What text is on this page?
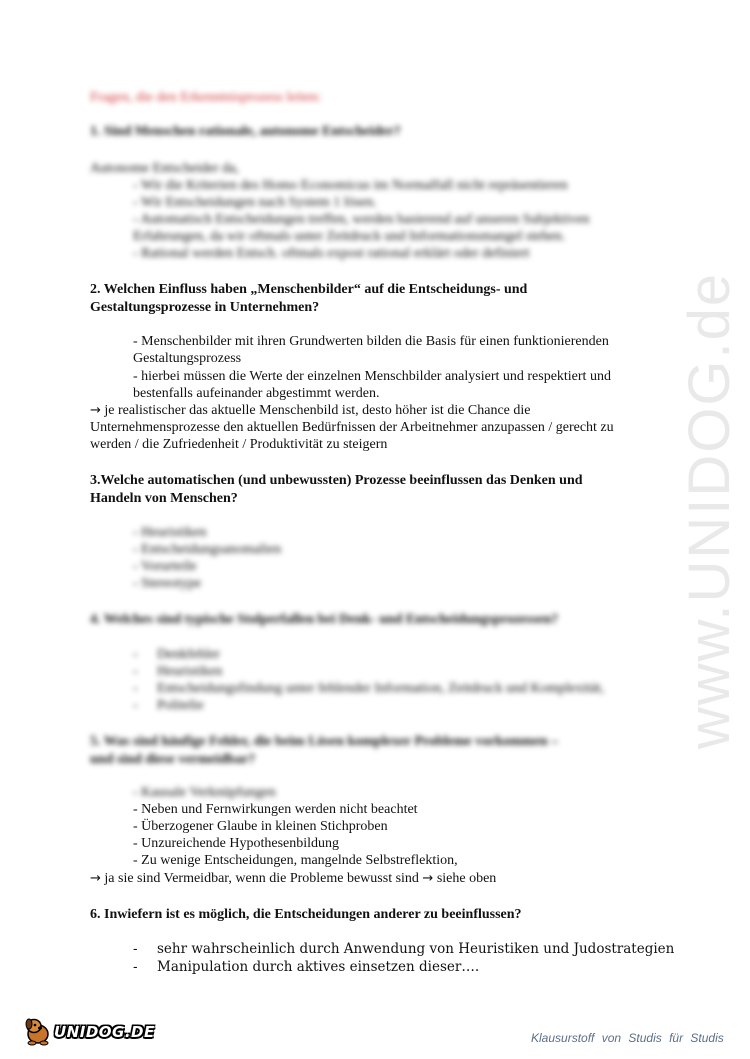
www.UNIDOG.de
Fragen, die den Erkenntnisprozess leiten:
1. Sind Menschen rationale, autonome Entscheider?
Autonome Entscheider da,
- Wir die Kriterien des Homo Economicus im Normalfall nicht repräsentieren
- Wir Entscheidungen nach System 1 lösen.
- Automatisch Entscheidungen treffen, werden basierend auf unseren Subjektiven
Erfahrungen, da wir oftmals unter Zeitdruck und Informationsmangel stehen.
- Rational werden Entsch. oftmals expost rational erklärt oder definiert
2. Welchen Einfluss haben „Menschenbilder“ auf die Entscheidungs- und
Gestaltungsprozesse in Unternehmen?
- Menschenbilder mit ihren Grundwerten bilden die Basis für einen funktionierenden
Gestaltungsprozess
- hierbei müssen die Werte der einzelnen Menschbilder analysiert und respektiert und
bestenfalls aufeinander abgestimmt werden.
→ je realistischer das aktuelle Menschenbild ist, desto höher ist die Chance die
Unternehmensprozesse den aktuellen Bedürfnissen der Arbeitnehmer anzupassen / gerecht zu
werden / die Zufriedenheit / Produktivität zu steigern
3.Welche automatischen (und unbewussten) Prozesse beeinflussen das Denken und
Handeln von Menschen?
- Heuristiken
- Entscheidungsanomalien
- Vorurteile
- Stereotype
4. Welches sind typische Stolperfallen bei Denk- und Entscheidungsprozessen?
- Denkfehler
- Heuristiken
- Entscheidungsfindung unter fehlender Information, Zeitdruck und Komplexität,
- Politelie
5. Was sind häufige Fehler, die beim Lösen komplexer Probleme vorkommen –
und sind diese vermeidbar?
- Kausale Verknüpfungen
- Neben und Fernwirkungen werden nicht beachtet
- Überzogener Glaube in kleinen Stichproben
- Unzureichende Hypothesenbildung
- Zu wenige Entscheidungen, mangelnde Selbstreflektion,
→ ja sie sind Vermeidbar, wenn die Probleme bewusst sind → siehe oben
6. Inwiefern ist es möglich, die Entscheidungen anderer zu beeinflussen?
- sehr wahrscheinlich durch Anwendung von Heuristiken und Judostrategien
- Manipulation durch aktives einsetzen dieser….
UNIDOG.DE	Klausurstoff von Studis für Studis
